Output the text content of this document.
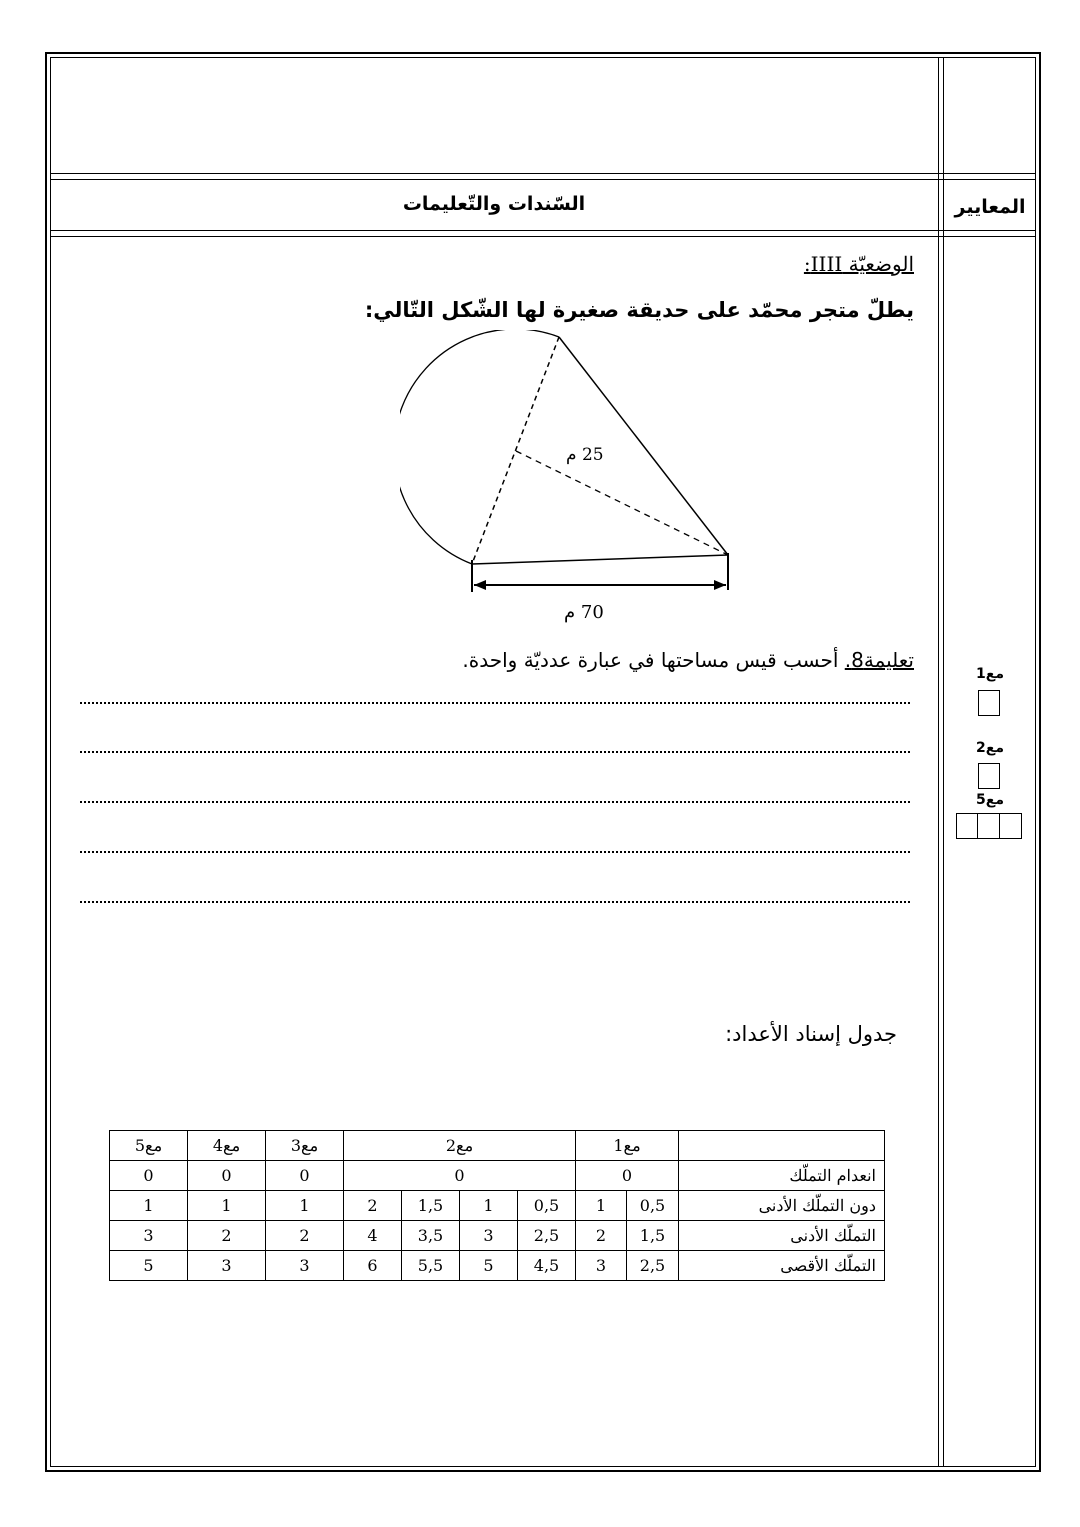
السّندات والتّعليمات	المعايير
الوضعيّة IIII:
يطلّ متجر محمّد على حديقة صغيرة لها الشّكل التّالي:
25 م
70 م
تعليمة8. أحسب قيس مساحتها في عبارة عدديّة واحدة.
مع1
مع2
مع5
جدول إسناد الأعداد:
مع5	مع4	مع3	مع2				مع1		
0	0	0	0				0		انعدام التملّك
1	1	1	2	1,5	1	0,5	1	0,5	دون التملّك الأدنى
3	2	2	4	3,5	3	2,5	2	1,5	التملّك الأدنى
5	3	3	6	5,5	5	4,5	3	2,5	التملّك الأقصى
